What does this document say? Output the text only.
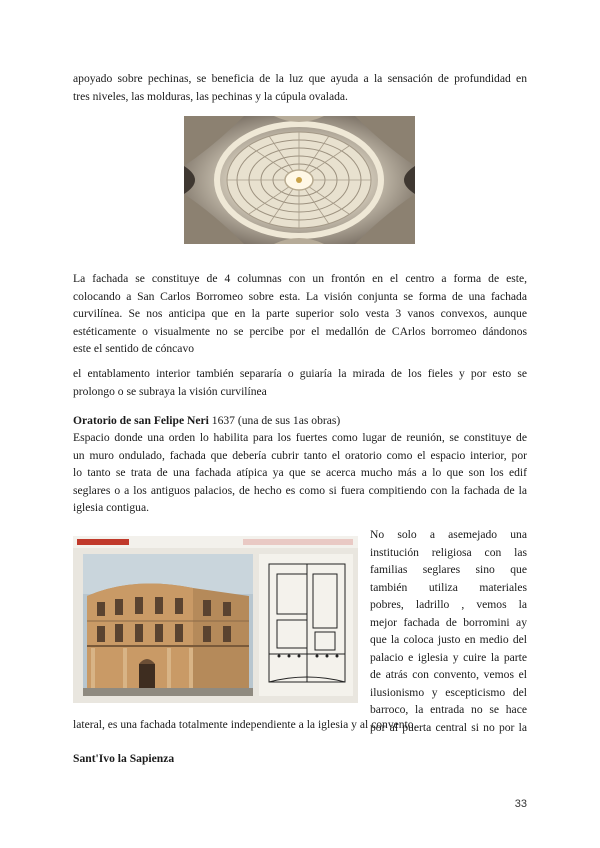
apoyado sobre pechinas, se beneficia de la luz que ayuda a la sensación de profundidad en
tres niveles, las molduras, las pechinas y la cúpula ovalada.
La fachada se constituye de 4 columnas con un frontón en el centro a forma de este,
colocando a San Carlos Borromeo sobre esta. La visión conjunta se forma de una fachada
curvilínea. Se nos anticipa que en la parte superior solo vesta 3 vanos convexos, aunque
estéticamente o visualmente no se percibe por el medallón de CArlos borromeo dándonos
este el sentido de cóncavo
el entablamento interior también separaría o guiaría la mirada de los fieles y por esto se
prolongo o se subraya la visión curvilínea

Oratorio de san Felipe Neri 1637 (una de sus 1as obras)

Espacio donde una orden lo habilita para los fuertes como lugar de reunión, se constituye de
un muro ondulado, fachada que debería cubrir tanto el oratorio como el espacio interior, por
lo tanto se trata de una fachada atípica ya que se acerca mucho más a lo que son los edif
seglares o a los antiguos palacios, de hecho es como si fuera compitiendo con la fachada de la
iglesia contigua.
No solo a asemejado una
institución religiosa con las
familias seglares sino que
también utiliza materiales
pobres, ladrillo , vemos la
mejor fachada de borromini ay
que la coloca justo en medio del
palacio e iglesia y cuire la parte
de atrás con convento, vemos el
ilusionismo y escepticismo del
barroco, la entrada no se hace
por al puerta central si no por la
lateral, es una fachada totalmente independiente a la iglesia y al convento.

Sant'Ivo la Sapienza

33
